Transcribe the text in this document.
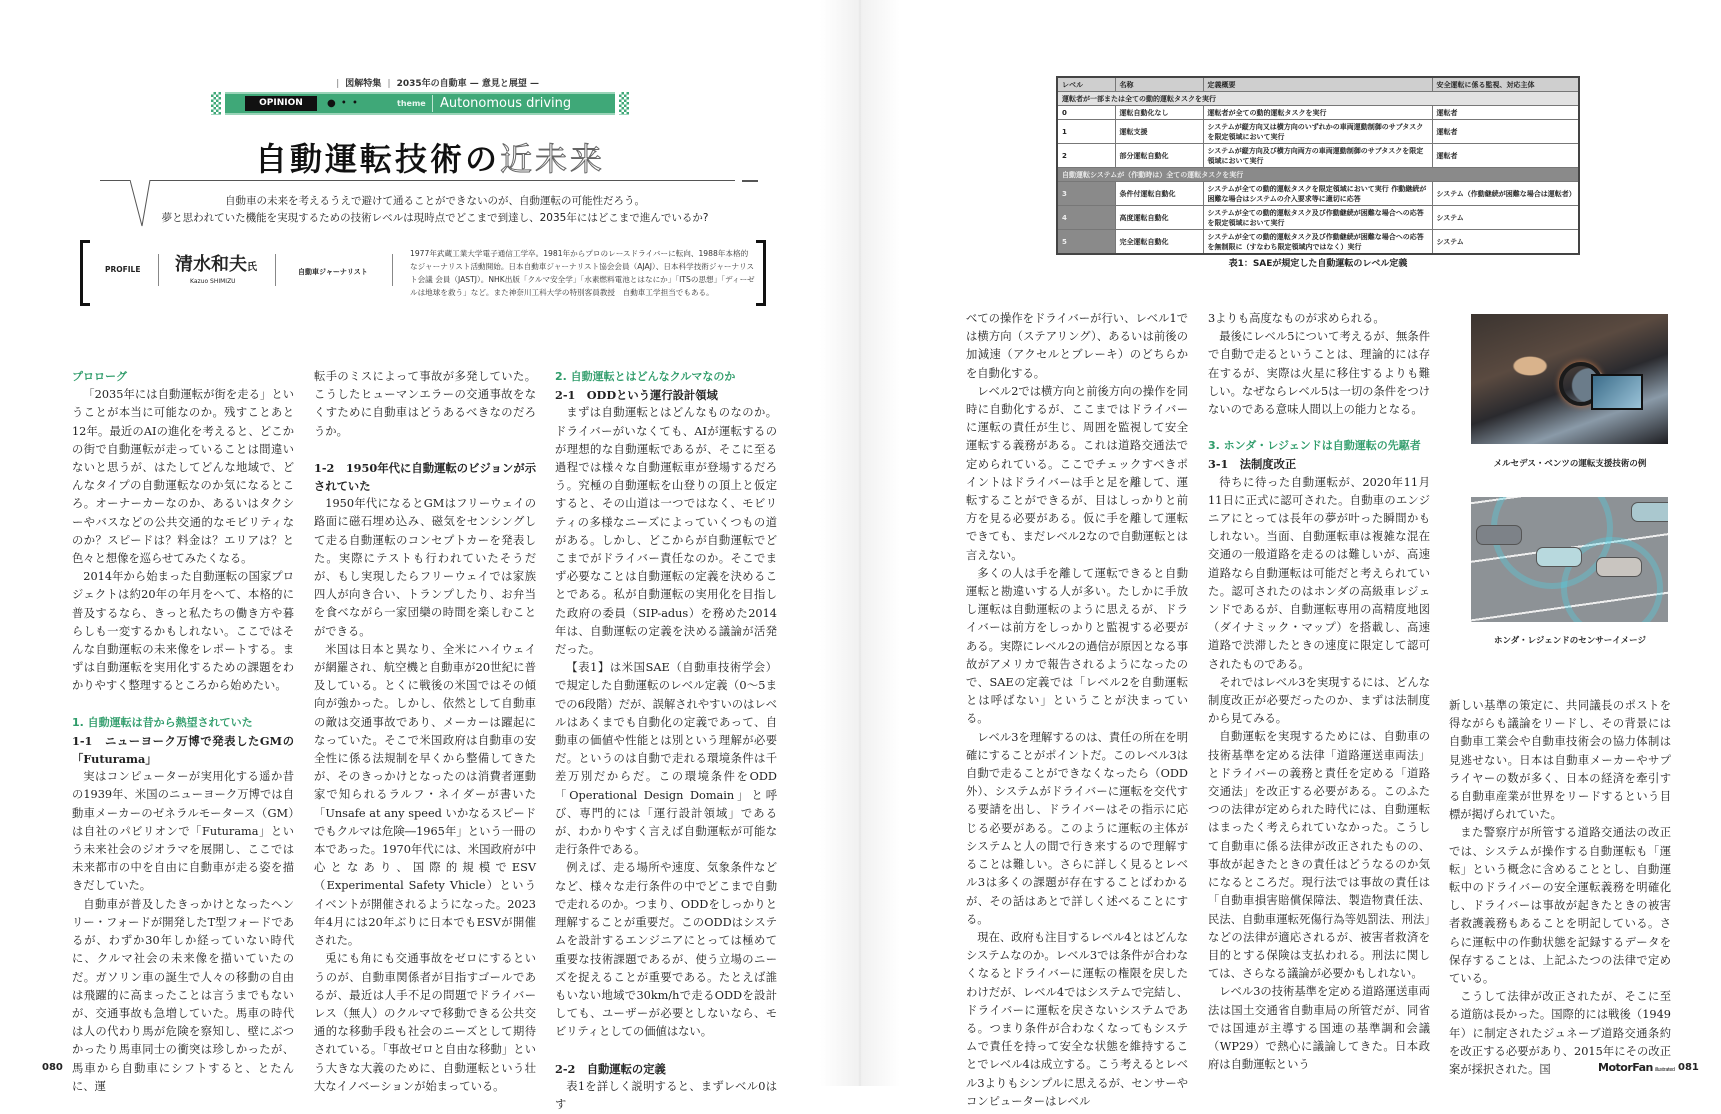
| 図解特集 | 2035年の自動車 — 意見と展望 —
OPINION	● • •	theme	Autonomous driving
自動運転技術の近未来
自動車の未来を考えるうえで避けて通ることができないのが、自動運転の可能性だろう。
夢と思われていた機能を実現するための技術レベルは現時点でどこまで到達し、2035年にはどこまで進んでいるか?
PROFILE 清水和夫氏
Kazuo SHIMIZU
自動車ジャーナリスト
1977年武蔵工業大学電子通信工学卒。1981年からプロのレースドライバーに転向、1988年本格的なジャーナリスト活動開始。日本自動車ジャーナリスト協会会員（AJAJ）、日本科学技術ジャーナリスト会議 会員（JASTJ）。NHK出版「クルマ安全学」「水素燃料電池とはなにか」「ITSの思想」「ディーゼルは地球を救う」など。また神奈川工科大学の特別客員教授　自動車工学担当でもある。
プロローグ

「2035年には自動運転が街を走る」ということが本当に可能なのか。残すことあと12年。最近のAIの進化を考えると、どこかの街で自動運転が走っていることは間違いないと思うが、はたしてどんな地域で、どんなタイプの自動運転なのか気になるところ。オーナーカーなのか、あるいはタクシーやバスなどの公共交通的なモビリティなのか？スピードは？料金は？エリアは？と色々と想像を巡らせてみたくなる。

2014年から始まった自動運転の国家プロジェクトは約20年の年月をへて、本格的に普及するなら、きっと私たちの働き方や暮らしも一変するかもしれない。ここではそんな自動運転の未来像をレポートする。まずは自動運転を実用化するための課題をわかりやすく整理するところから始めたい。

1. 自動運転は昔から熱望されていた
1-1　ニューヨーク万博で発表したGMの「Futurama」

実はコンピューターが実用化する遥か昔の1939年、米国のニューヨーク万博では自動車メーカーのゼネラルモータース（GM）は自社のパビリオンで「Futurama」という未来社会のジオラマを展開し、ここでは未来都市の中を自由に自動車が走る姿を描きだしていた。

自動車が普及したきっかけとなったヘンリー・フォードが開発したT型フォードであるが、わずか30年しか経っていない時代に、クルマ社会の未来像を描いていたのだ。ガソリン車の誕生で人々の移動の自由は飛躍的に高まったことは言うまでもないが、交通事故も急増していた。馬車の時代は人の代わり馬が危険を察知し、壁にぶつかったり馬車同士の衝突は珍しかったが、馬車から自動車にシフトすると、とたんに、運

転手のミスによって事故が多発していた。こうしたヒューマンエラーの交通事故をなくすために自動車はどうあるべきなのだろうか。

1-2　1950年代に自動運転のビジョンが示されていた

1950年代になるとGMはフリーウェイの路面に磁石埋め込み、磁気をセンシングして走る自動運転のコンセプトカーを発表した。実際にテストも行われていたそうだが、もし実現したらフリーウェイでは家族四人が向き合い、トランプしたり、お弁当を食べながら一家団欒の時間を楽しむことができる。

米国は日本と異なり、全米にハイウェイが網羅され、航空機と自動車が20世紀に普及している。とくに戦後の米国ではその傾向が強かった。しかし、依然として自動車の敵は交通事故であり、メーカーは躍起になっていた。そこで米国政府は自動車の安全性に係る法規制を早くから整備してきたが、そのきっかけとなったのは消費者運動家で知られるラルフ・ネイダーが書いた「Unsafe at any speed いかなるスピードでもクルマは危険―1965年」という一冊の本であった。1970年代には、米国政府が中心となあり、国際的規模でESV（Experimental Safety Vhicle）というイベントが開催されるようになった。2023年4月には20年ぶりに日本でもESVが開催された。

兎にも角にも交通事故をゼロにするというのが、自動車関係者が目指すゴールであるが、最近は人手不足の問題でドライバーレス（無人）のクルマで移動できる公共交通的な移動手段も社会のニーズとして期待されている。「事故ゼロと自由な移動」という大きな大義のために、自動運転という壮大なイノベーションが始まっている。

2. 自動運転とはどんなクルマなのか
2-1　ODDという運行設計領域

まずは自動運転とはどんなものなのか。ドライバーがいなくても、AIが運転するのが理想的な自動運転であるが、そこに至る過程では様々な自動運転車が登場するだろう。究極の自動運転を山登りの頂上と仮定すると、その山道は一つではなく、モビリティの多様なニーズによっていくつもの道がある。しかし、どこからが自動運転でどこまでがドライバー責任なのか。そこでまず必要なことは自動運転の定義を決めることである。私が自動運転の実用化を目指した政府の委員（SIP-adus）を務めた2014年は、自動運転の定義を決める議論が活発だった。

【表1】は米国SAE（自動車技術学会）で規定した自動運転のレベル定義（0～5までの6段階）だが、誤解されやすいのはレベルはあくまでも自動化の定義であって、自動車の価値や性能とは別という理解が必要だ。というのは自動で走れる環境条件は千差万別だからだ。この環境条件をODD「Operational Design Domain」と呼び、専門的には「運行設計領域」であるが、わかりやすく言えば自動運転が可能な走行条件である。

例えば、走る場所や速度、気象条件などなど、様々な走行条件の中でどこまで自動で走れるのか。つまり、ODDをしっかりと理解することが重要だ。このODDはシステムを設計するエンジニアにとっては極めて重要な技術課題であるが、使う立場のニーズを捉えることが重要である。たとえば誰もいない地域で30km/hで走るODDを設計しても、ユーザーが必要としないなら、モビリティとしての価値はない。

2-2　自動運転の定義

表1を詳しく説明すると、まずレベル0はす

べての操作をドライバーが行い、レベル1では横方向（ステアリング）、あるいは前後の加減速（アクセルとブレーキ）のどちらかを自動化する。

レベル2では横方向と前後方向の操作を同時に自動化するが、ここまではドライバーに運転の責任が生じ、周囲を監視して安全運転する義務がある。これは道路交通法で定められている。ここでチェックすべきポイントはドライバーは手と足を離して、運転することができるが、目はしっかりと前方を見る必要がある。仮に手を離して運転できても、まだレベル2なので自動運転とは言えない。

多くの人は手を離して運転できると自動運転と勘違いする人が多い。たしかに手放し運転は自動運転のように思えるが、ドライバーは前方をしっかりと監視する必要がある。実際にレベル2の過信が原因となる事故がアメリカで報告されるようになったので、SAEの定義では「レベル2を自動運転とは呼ばない」ということが決まっている。

レベル3を理解するのは、責任の所在を明確にすることがポイントだ。このレベル3は自動で走ることができなくなったら（ODD外）、システムがドライバーに運転を交代する要請を出し、ドライバーはその指示に応じる必要がある。このように運転の主体がシステムと人の間で行き来するので理解することは難しい。さらに詳しく見るとレベル3は多くの課題が存在することばわかるが、その話はあとで詳しく述べることにする。

現在、政府も注目するレベル4とはどんなシステムなのか。レベル3では条件が合わなくなるとドライバーに運転の権限を戻したわけだが、レベル4ではシステムで完結し、ドライバーに運転を戻さないシステムである。つまり条件が合わなくなってもシステムで責任を持って安全な状態を維持することでレベル4は成立する。こう考えるとレベル3よりもシンプルに思えるが、センサーやコンピューターはレベル

3よりも高度なものが求められる。

最後にレベル5について考えるが、無条件で自動で走るということは、理論的には存在するが、実際は火星に移住するよりも難しい。なぜならレベル5は一切の条件をつけないのである意味人間以上の能力となる。

3. ホンダ・レジェンドは自動運転の先駆者
3-1　法制度改正

待ちに待った自動運転が、2020年11月11日に正式に認可された。自動車のエンジニアにとっては長年の夢が叶った瞬間かもしれない。当面、自動運転車は複雑な混在交通の一般道路を走るのは難しいが、高速道路なら自動運転は可能だと考えられていた。認可されたのはホンダの高級車レジェンドであるが、自動運転専用の高精度地図（ダイナミック・マップ）を搭載し、高速道路で渋滞したときの速度に限定して認可されたものである。

それではレベル3を実現するには、どんな制度改正が必要だったのか、まずは法制度から見てみる。

自動運転を実現するためには、自動車の技術基準を定める法律「道路運送車両法」とドライバーの義務と責任を定める「道路交通法」を改正する必要がある。このふたつの法律が定められた時代には、自動運転はまったく考えられていなかった。こうして自動車に係る法律が改正されたものの、事故が起きたときの責任はどうなるのか気になるところだ。現行法では事故の責任は「自動車損害賠償保障法、製造物責任法、民法、自動車運転死傷行為等処罰法、刑法」などの法律が適応されるが、被害者救済を目的とする保険は支払われる。刑法に関しては、さらなる議論が必要かもしれない。

レベル3の技術基準を定める道路運送車両法は国土交通省自動車局の所管だが、同省では国連が主導する国連の基準調和会議（WP29）で熱心に議論してきた。日本政府は自動運転という

新しい基準の策定に、共同議長のポストを得ながらも議論をリードし、その背景には自動車工業会や自動車技術会の協力体制は見逃せない。日本は自動車メーカーやサプライヤーの数が多く、日本の経済を牽引する自動車産業が世界をリードするという目標が掲げられていた。

また警察庁が所管する道路交通法の改正では、システムが操作する自動運転も「運転」という概念に含めることとし、自動運転中のドライバーの安全運転義務を明確化し、ドライバーは事故が起きたときの被害者救護義務もあることを明記している。さらに運転中の作動状態を記録するデータを保存することは、上記ふたつの法律で定めている。

こうして法律が改正されたが、そこに至る道筋は長かった。国際的には戦後（1949年）に制定されたジュネーブ道路交通条約を改正する必要があり、2015年にその改正案が採択された。国

レベル	名称	定義概要	安全運転に係る監視、対応主体
運転者が一部または全ての動的運転タスクを実行			
0	運転自動化なし	運転者が全ての動的運転タスクを実行	運転者
1	運転支援	システムが縦方向又は横方向のいずれかの車両運動制御のサブタスクを限定領域において実行	運転者
2	部分運転自動化	システムが縦方向及び横方向両方の車両運動制御のサブタスクを限定領域において実行	運転者
自動運転システムが（作動時は）全ての運転タスクを実行			
3	条件付運転自動化	システムが全ての動的運転タスクを限定領域において実行 作動継続が困難な場合はシステムの介入要求等に適切に応答	システム（作動継続が困難な場合は運転者）
4	高度運転自動化	システムが全ての動的運転タスク及び作動継続が困難な場合への応答を限定領域において実行	システム
5	完全運転自動化	システムが全ての動的運転タスク及び作動継続が困難な場合への応答を無制限に（すなわち限定領域内ではなく）実行	システム
表1：SAEが規定した自動運転のレベル定義
メルセデス・ベンツの運転支援技術の例
ホンダ・レジェンドのセンサーイメージ
080	MotorFan illustrated 081
